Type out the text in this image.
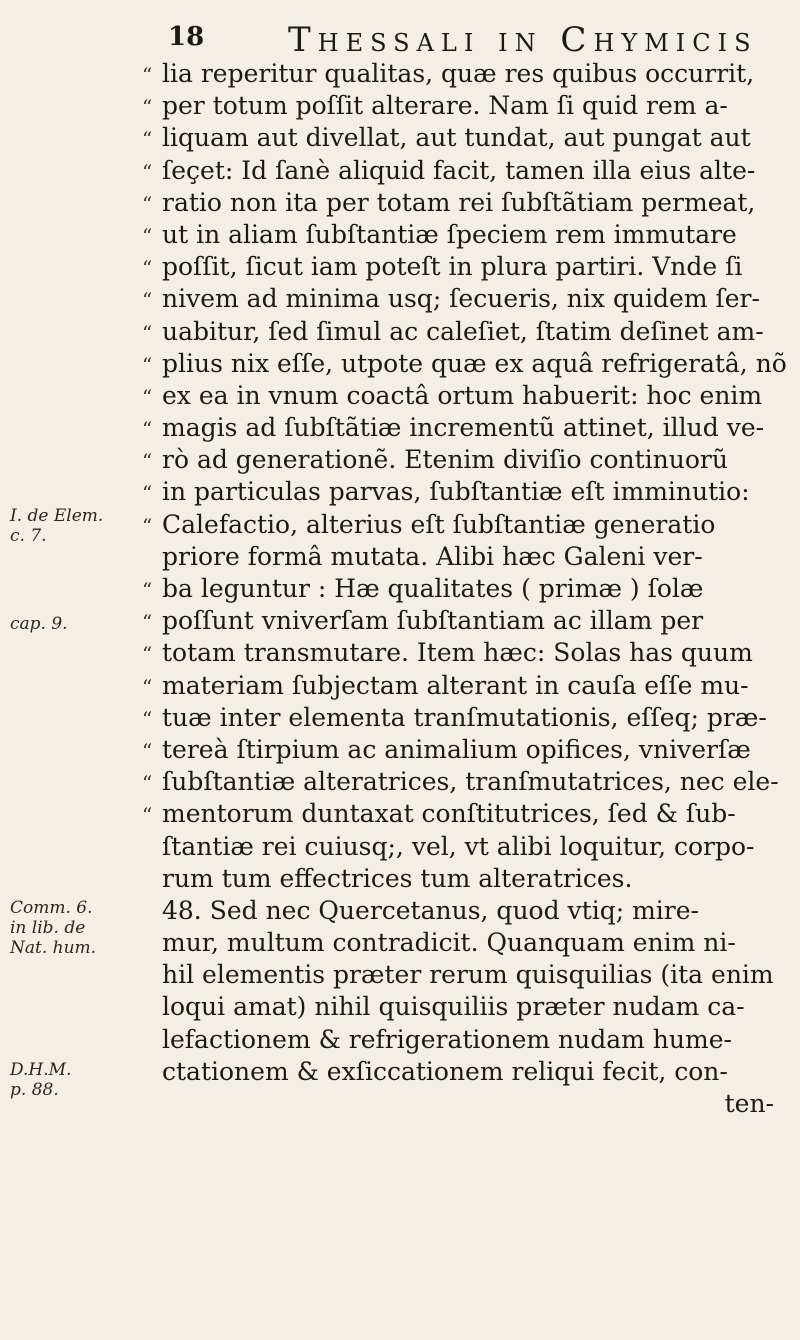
18 Thessali in Chymicis
“ lia reperitur qualitas, quæ res quibus occurrit,
“ per totum poſſit alterare. Nam ſi quid rem a-
“ liquam aut divellat, aut tundat, aut pungat aut
“ ſeçet: Id ſanè aliquid facit, tamen illa eius alte-
“ ratio non ita per totam rei ſubſtãtiam permeat,
“ ut in aliam ſubſtantiæ ſpeciem rem immutare
“ poſſit, ſicut iam poteſt in plura partiri. Vnde ſi
“ nivem ad minima usq; ſecueris, nix quidem ſer-
“ uabitur, ſed ſimul ac caleſiet, ſtatim deſinet am-
“ plius nix eſſe, utpote quæ ex aquâ refrigeratâ, nõ
“ ex ea in vnum coactâ ortum habuerit: hoc enim
“ magis ad ſubſtãtiæ incrementũ attinet, illud ve-
“ rò ad generationẽ. Etenim diviſio continuorũ
“ in particulas parvas, ſubſtantiæ eſt imminutio:
“ Calefactio, alterius eſt ſubſtantiæ generatio
priore formâ mutata. Alibi hæc Galeni ver-
“ ba leguntur : Hæ qualitates ( primæ ) ſolæ
“ poſſunt vniverſam ſubſtantiam ac illam per
“ totam transmutare. Item hæc: Solas has quum
“ materiam ſubjectam alterant in cauſa eſſe mu-
“ tuæ inter elementa tranſmutationis, eſſeq; præ-
“ tereà ſtirpium ac animalium opifices, vniverſæ
“ ſubſtantiæ alteratrices, tranſmutatrices, nec ele-
“ mentorum duntaxat conſtitutrices, ſed & ſub-
ſtantiæ rei cuiusq;, vel, vt alibi loquitur, corpo-
rum tum effectrices tum alteratrices.
48. Sed nec Quercetanus, quod vtiq; mire-
mur, multum contradicit. Quanquam enim ni-
hil elementis præter rerum quisquilias (ita enim
loqui amat) nihil quisquiliis præter nudam ca-
lefactionem & refrigerationem nudam hume-
ctationem & exſiccationem reliqui fecit, con-
ten-
I. de Elem.
c. 7.
cap. 9.
Comm. 6.
in lib. de
Nat. hum.
D.H.M.
p. 88.
